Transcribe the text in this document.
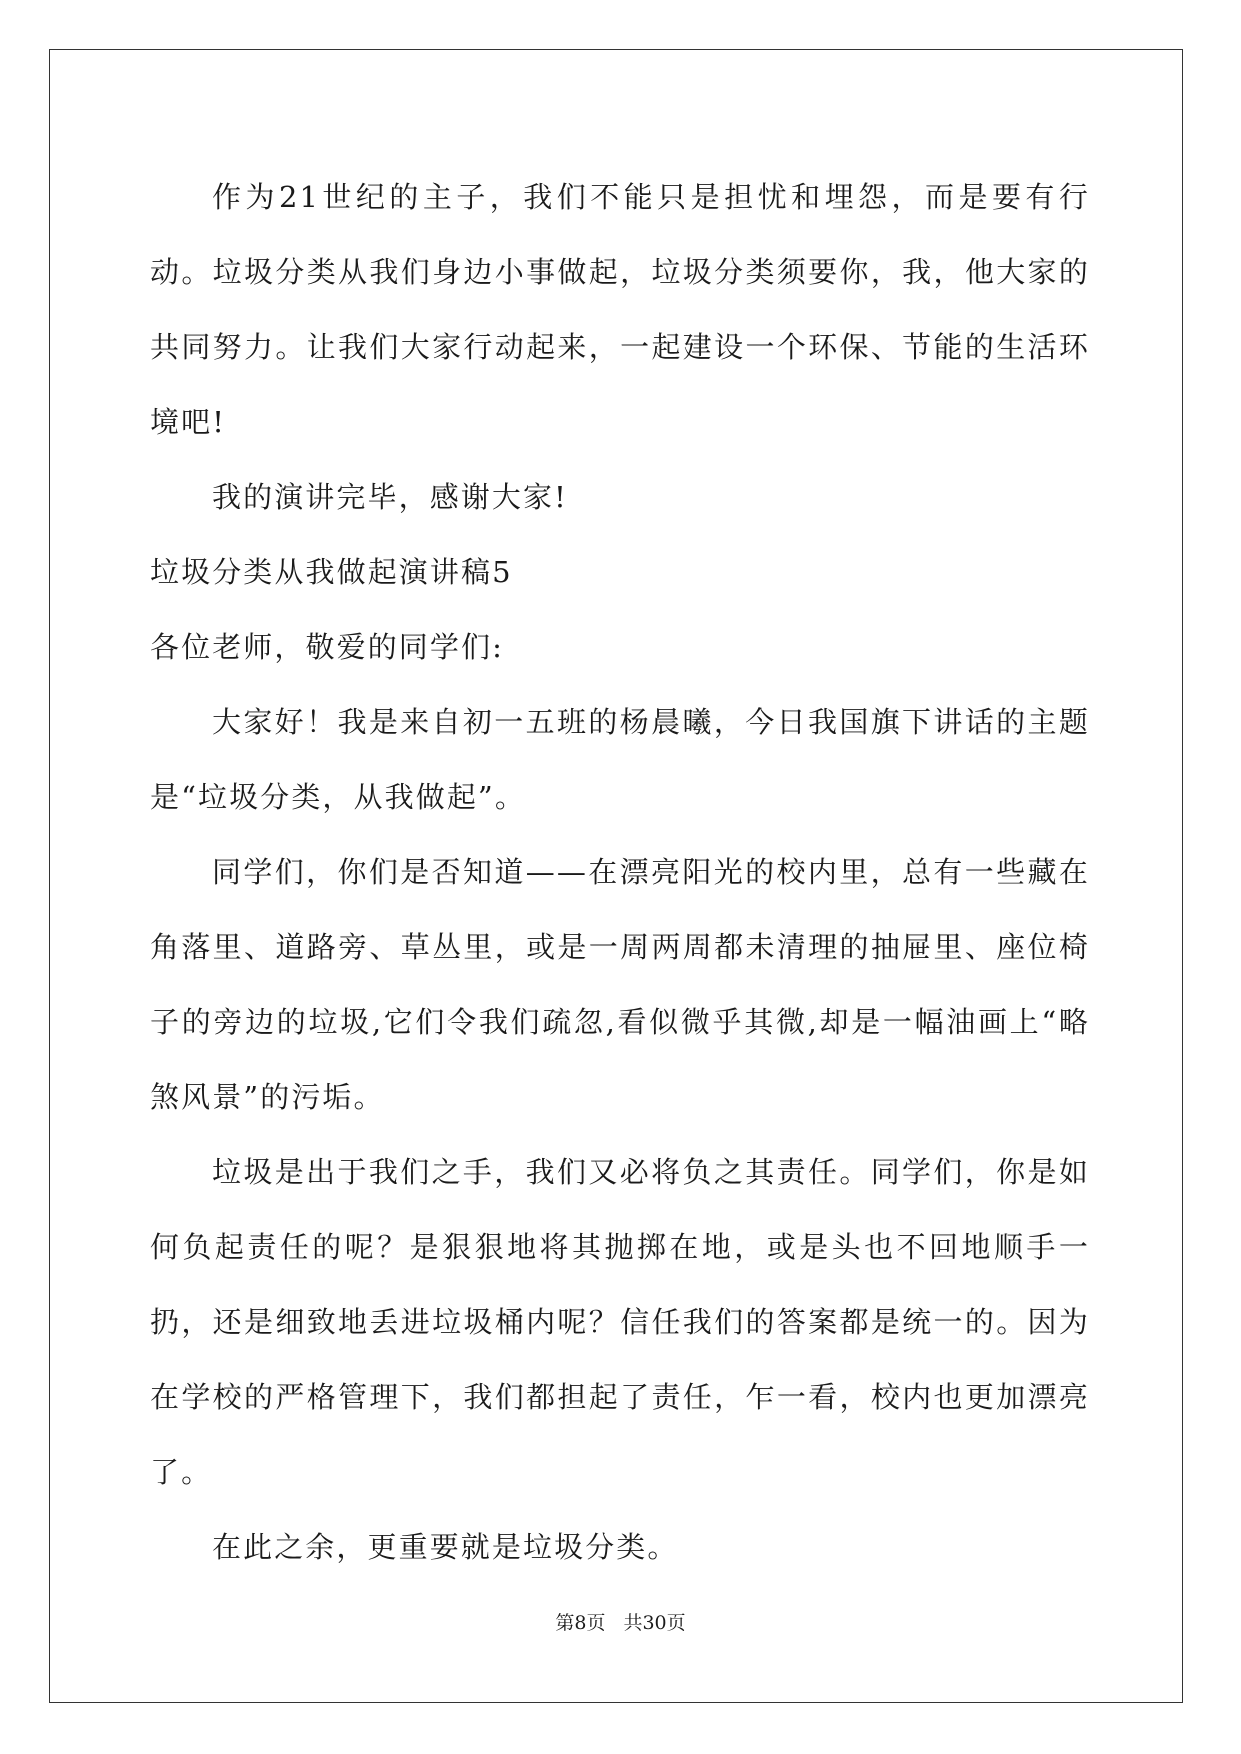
作为21世纪的主子，我们不能只是担忧和埋怨，而是要有行动。垃圾分类从我们身边小事做起，垃圾分类须要你，我，他大家的共同努力。让我们大家行动起来，一起建设一个环保、节能的生活环境吧!

我的演讲完毕，感谢大家!

垃圾分类从我做起演讲稿5

各位老师，敬爱的同学们:

大家好！我是来自初一五班的杨晨曦，今日我国旗下讲话的主题是“垃圾分类，从我做起”。

同学们，你们是否知道——在漂亮阳光的校内里，总有一些藏在角落里、道路旁、草丛里，或是一周两周都未清理的抽屉里、座位椅子的旁边的垃圾,它们令我们疏忽,看似微乎其微,却是一幅油画上“略煞风景”的污垢。

垃圾是出于我们之手，我们又必将负之其责任。同学们，你是如何负起责任的呢？是狠狠地将其抛掷在地，或是头也不回地顺手一扔，还是细致地丢进垃圾桶内呢？信任我们的答案都是统一的。因为在学校的严格管理下，我们都担起了责任，乍一看，校内也更加漂亮了。

在此之余，更重要就是垃圾分类。

第8页 共30页
